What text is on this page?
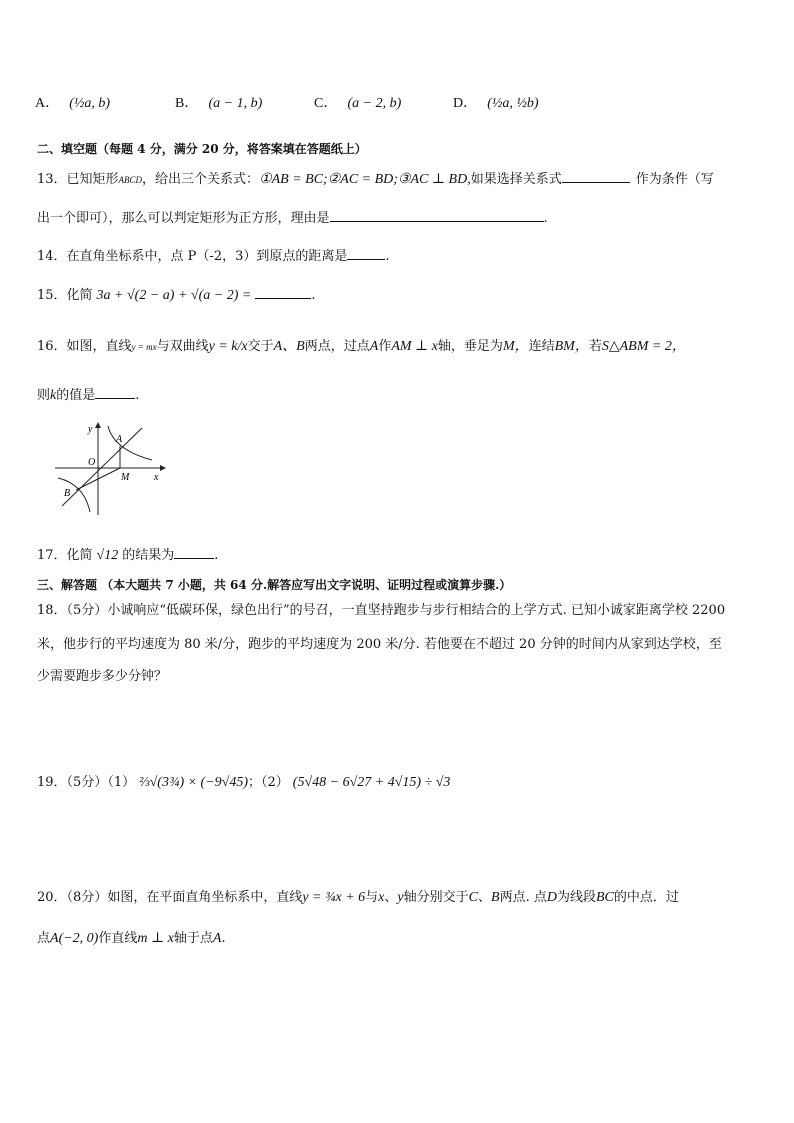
A． (½a, b)	B． (a − 1, b)	C． (a − 2, b)	D． (½a, ½b)
二、填空题（每题 4 分，满分 20 分，将答案填在答题纸上）
13．已知矩形ABCD，给出三个关系式：①AB = BC;②AC = BD;③AC ⊥ BD,如果选择关系式	作为条件（写
出一个即可），那么可以判定矩形为正方形，理由是	.
14．在直角坐标系中，点 P（-2，3）到原点的距离是	.
15．化简 3a + √(2 − a) + √(a − 2) =	.
16．如图，直线y = mx与双曲线y = k/x交于A、B两点，过点A作AM ⊥ x轴，垂足为M，连结BM，若S△ABM = 2，
则k的值是	.
y
A
O
M x
B
17．化简 √12 的结果为	.
三、解答题 （本大题共 7 小题，共 64 分.解答应写出文字说明、证明过程或演算步骤.）
18．（5分）小诚响应“低碳环保，绿色出行”的号召，一直坚持跑步与步行相结合的上学方式. 已知小诚家距离学校 2200
米，他步行的平均速度为 80 米/分，跑步的平均速度为 200 米/分. 若他要在不超过 20 分钟的时间内从家到达学校，至
少需要跑步多少分钟？
19．（5分）（1） ⅔√(3¾) × (−9√45)；（2） (5√48 − 6√27 + 4√15) ÷ √3
20．（8分）如图，在平面直角坐标系中，直线y = ¾x + 6与x、y轴分别交于C、B两点. 点D为线段BC的中点．过
点A(−2, 0)作直线m ⊥ x轴于点A.
